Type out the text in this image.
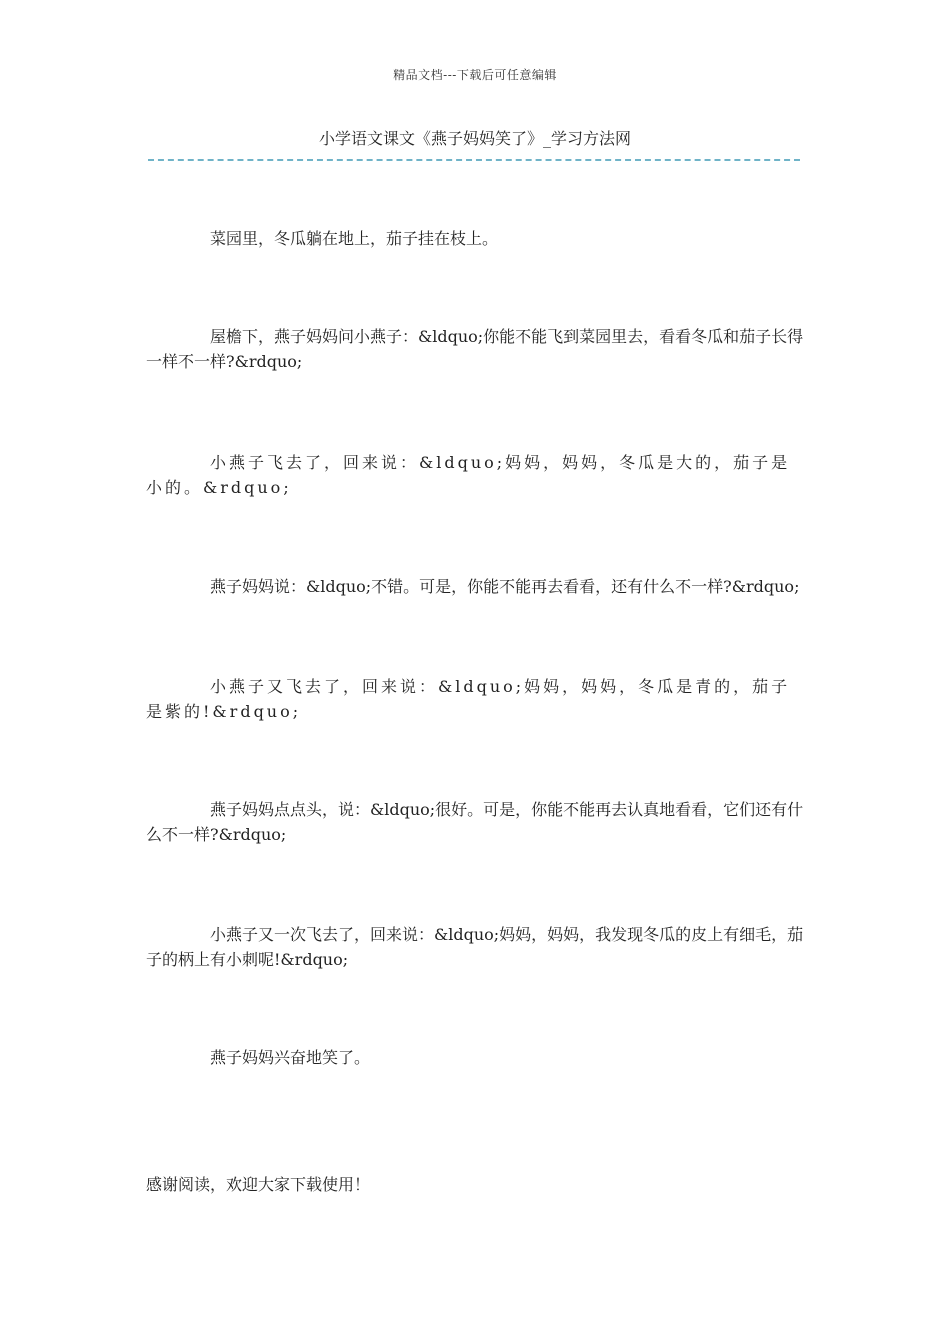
精品文档---下载后可任意编辑
小学语文课文《燕子妈妈笑了》_学习方法网

菜园里，冬瓜躺在地上，茄子挂在枝上。

屋檐下，燕子妈妈问小燕子：&ldquo;你能不能飞到菜园里去，看看冬瓜和茄子长得一样不一样?&rdquo;

小燕子飞去了，回来说：&ldquo;妈妈，妈妈，冬瓜是大的，茄子是小的。&rdquo;

燕子妈妈说：&ldquo;不错。可是，你能不能再去看看，还有什么不一样?&rdquo;

小燕子又飞去了，回来说：&ldquo;妈妈，妈妈，冬瓜是青的，茄子是紫的!&rdquo;

燕子妈妈点点头，说：&ldquo;很好。可是，你能不能再去认真地看看，它们还有什么不一样?&rdquo;

小燕子又一次飞去了，回来说：&ldquo;妈妈，妈妈，我发现冬瓜的皮上有细毛，茄子的柄上有小刺呢!&rdquo;

燕子妈妈兴奋地笑了。

感谢阅读，欢迎大家下载使用！
